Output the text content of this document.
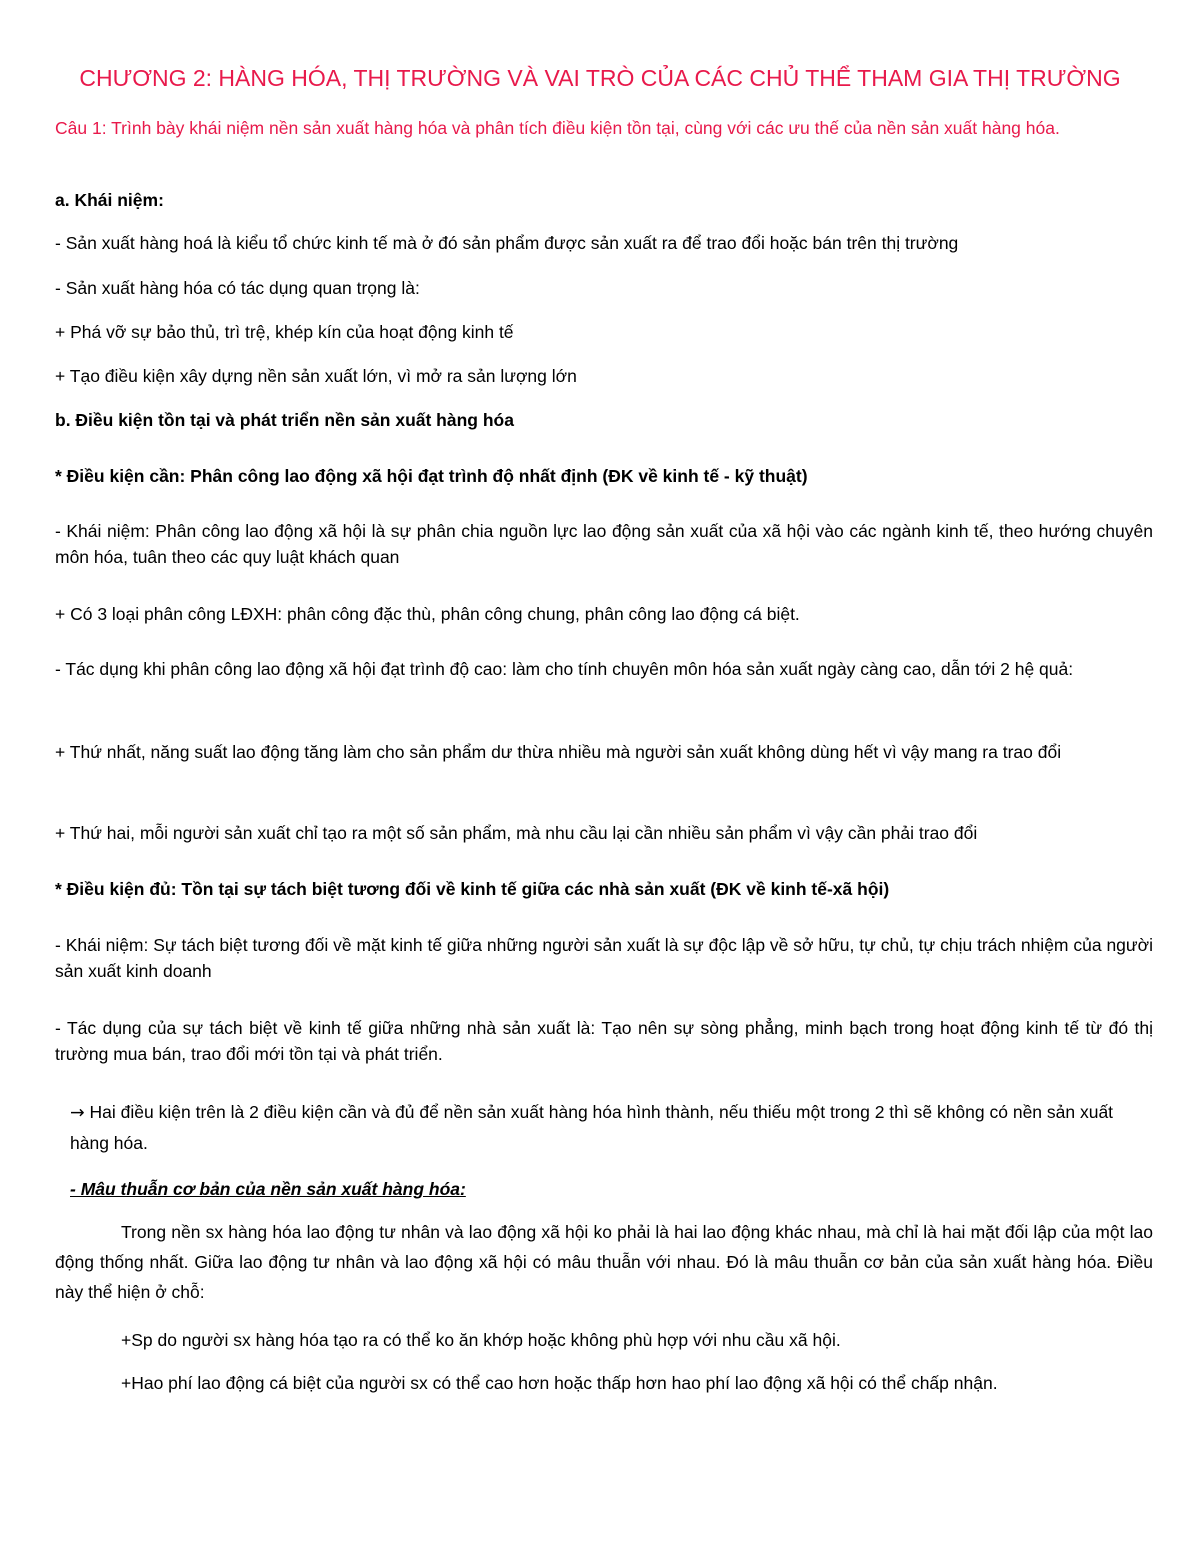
CHƯƠNG 2: HÀNG HÓA, THỊ TRƯỜNG VÀ VAI TRÒ CỦA CÁC CHỦ THỂ THAM GIA THỊ TRƯỜNG

Câu 1: Trình bày khái niệm nền sản xuất hàng hóa và phân tích điều kiện tồn tại, cùng với các ưu thế của nền sản xuất hàng hóa.

a. Khái niệm:

- Sản xuất hàng hoá là kiểu tổ chức kinh tế mà ở đó sản phẩm được sản xuất ra để trao đổi hoặc bán trên thị trường

- Sản xuất hàng hóa có tác dụng quan trọng là:

+ Phá vỡ sự bảo thủ, trì trệ, khép kín của hoạt động kinh tế

+ Tạo điều kiện xây dựng nền sản xuất lớn, vì mở ra sản lượng lớn

b. Điều kiện tồn tại và phát triển nền sản xuất hàng hóa

* Điều kiện cần: Phân công lao động xã hội đạt trình độ nhất định (ĐK về kinh tế - kỹ thuật)

- Khái niệm: Phân công lao động xã hội là sự phân chia nguồn lực lao động sản xuất của xã hội vào các ngành kinh tế, theo hướng chuyên môn hóa, tuân theo các quy luật khách quan

+ Có 3 loại phân công LĐXH: phân công đặc thù, phân công chung, phân công lao động cá biệt.

- Tác dụng khi phân công lao động xã hội đạt trình độ cao: làm cho tính chuyên môn hóa sản xuất ngày càng cao, dẫn tới 2 hệ quả:

+ Thứ nhất, năng suất lao động tăng làm cho sản phẩm dư thừa nhiều mà người sản xuất không dùng hết vì vậy mang ra trao đổi

+ Thứ hai, mỗi người sản xuất chỉ tạo ra một số sản phẩm, mà nhu cầu lại cần nhiều sản phẩm vì vậy cần phải trao đổi

* Điều kiện đủ: Tồn tại sự tách biệt tương đối về kinh tế giữa các nhà sản xuất (ĐK về kinh tế-xã hội)

- Khái niệm: Sự tách biệt tương đối về mặt kinh tế giữa những người sản xuất là sự độc lập về sở hữu, tự chủ, tự chịu trách nhiệm của người sản xuất kinh doanh

- Tác dụng của sự tách biệt về kinh tế giữa những nhà sản xuất là: Tạo nên sự sòng phẳng, minh bạch trong hoạt động kinh tế từ đó thị trường mua bán, trao đổi mới tồn tại và phát triển.

→ Hai điều kiện trên là 2 điều kiện cần và đủ để nền sản xuất hàng hóa hình thành, nếu thiếu một trong 2 thì sẽ không có nền sản xuất hàng hóa.

- Mâu thuẫn cơ bản của nền sản xuất hàng hóa:

Trong nền sx hàng hóa lao động tư nhân và lao động xã hội ko phải là hai lao động khác nhau, mà chỉ là hai mặt đối lập của một lao động thống nhất. Giữa lao động tư nhân và lao động xã hội có mâu thuẫn với nhau. Đó là mâu thuẫn cơ bản của sản xuất hàng hóa. Điều này thể hiện ở chỗ:

+Sp do người sx hàng hóa tạo ra có thể ko ăn khớp hoặc không phù hợp với nhu cầu xã hội.

+Hao phí lao động cá biệt của người sx có thể cao hơn hoặc thấp hơn hao phí lao động xã hội có thể chấp nhận.
